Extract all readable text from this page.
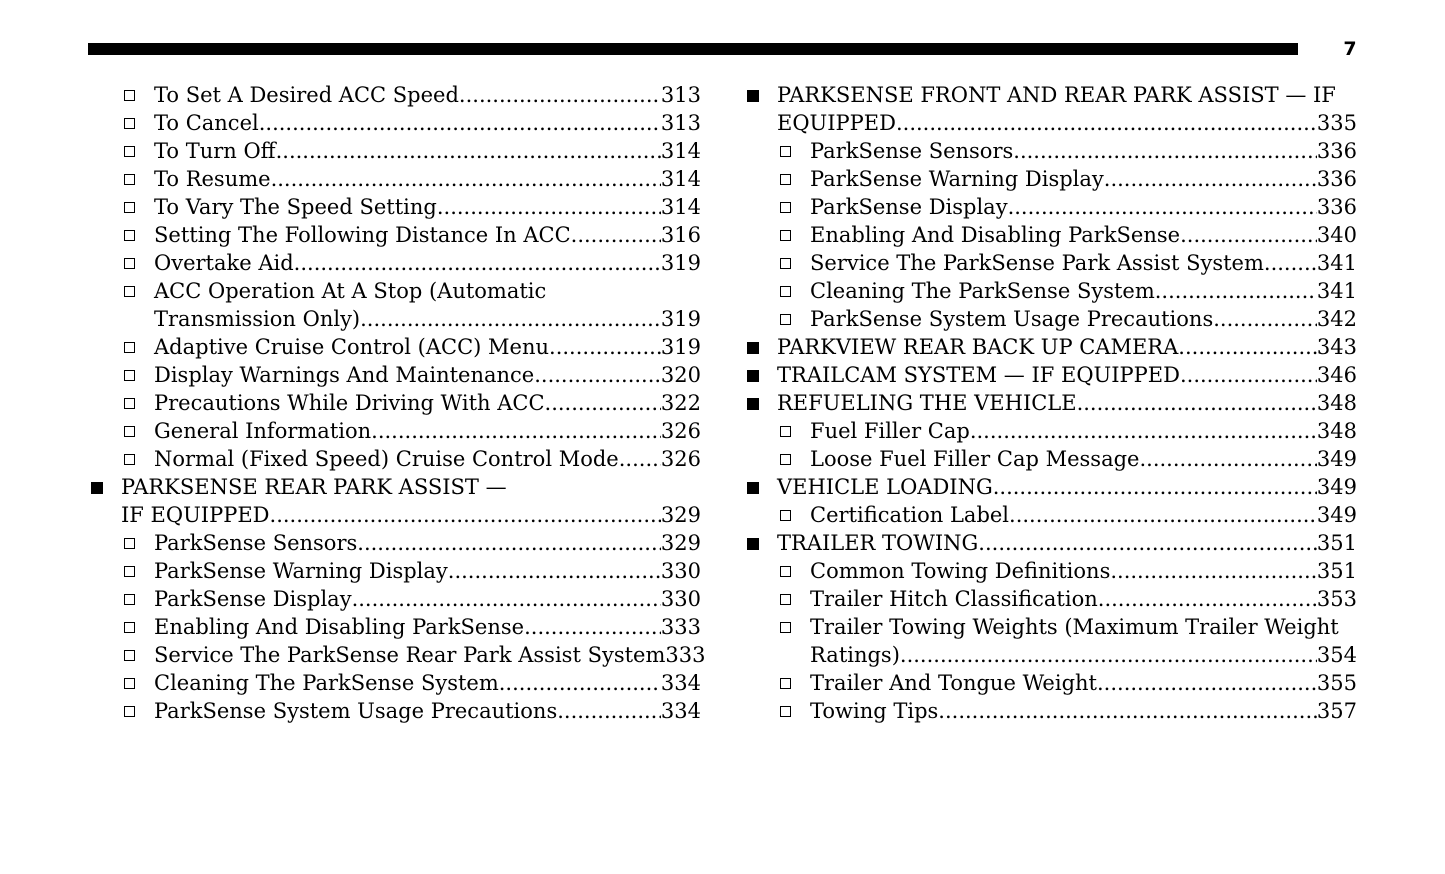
7
To Set A Desired ACC Speed .....	313
To Cancel .....	313
To Turn Off .....	314
To Resume .....	314
To Vary The Speed Setting .....	314
Setting The Following Distance In ACC .....	316
Overtake Aid .....	319
ACC Operation At A Stop (Automatic
Transmission Only) .....	319
Adaptive Cruise Control (ACC) Menu .....	319
Display Warnings And Maintenance .....	320
Precautions While Driving With ACC .....	322
General Information .....	326
Normal (Fixed Speed) Cruise Control Mode ..... 326
PARKSENSE REAR PARK ASSIST —
IF EQUIPPED .....	329
ParkSense Sensors .....	329
ParkSense Warning Display .....	330
ParkSense Display .....	330
Enabling And Disabling ParkSense .....	333
Service The ParkSense Rear Park Assist System 333
Cleaning The ParkSense System .....	334
ParkSense System Usage Precautions .....	334
PARKSENSE FRONT AND REAR PARK ASSIST — IF
EQUIPPED .....	335
ParkSense Sensors .....	336
ParkSense Warning Display .....	336
ParkSense Display .....	336
Enabling And Disabling ParkSense .....	340
Service The ParkSense Park Assist System .....	341
Cleaning The ParkSense System .....	341
ParkSense System Usage Precautions .....	342
PARKVIEW REAR BACK UP CAMERA .....	343
TRAILCAM SYSTEM — IF EQUIPPED .....	346
REFUELING THE VEHICLE .....	348
Fuel Filler Cap .....	348
Loose Fuel Filler Cap Message .....	349
VEHICLE LOADING .....	349
Certification Label .....	349
TRAILER TOWING .....	351
Common Towing Definitions .....	351
Trailer Hitch Classification .....	353
Trailer Towing Weights (Maximum Trailer Weight
Ratings) .....	354
Trailer And Tongue Weight .....	355
Towing Tips .....	357
